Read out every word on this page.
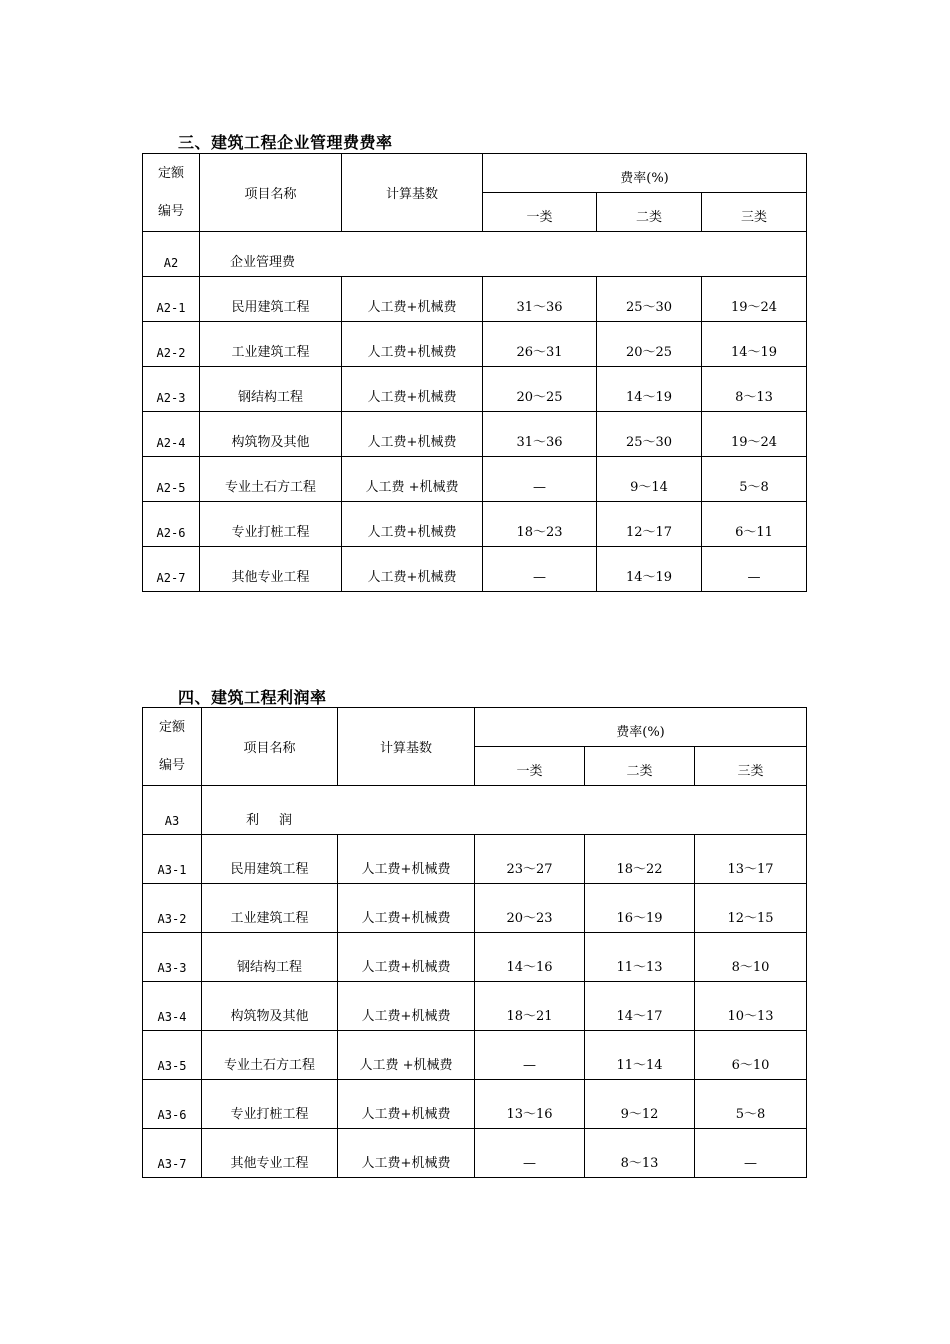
三、建筑工程企业管理费费率
定额
编号	项目名称	计算基数	费率(%)		
			一类	二类	三类
A2	企业管理费				
A2-1	民用建筑工程	人工费+机械费	31～36	25～30	19～24
A2-2	工业建筑工程	人工费+机械费	26～31	20～25	14～19
A2-3	钢结构工程	人工费+机械费	20～25	14～19	8～13
A2-4	构筑物及其他	人工费+机械费	31～36	25～30	19～24
A2-5	专业土石方工程	人工费 +机械费	—	9～14	5～8
A2-6	专业打桩工程	人工费+机械费	18～23	12～17	6～11
A2-7	其他专业工程	人工费+机械费	—	14～19	—
四、建筑工程利润率
定额
编号	项目名称	计算基数	费率(%)		
			一类	二类	三类
A3	利润				
A3-1	民用建筑工程	人工费+机械费	23～27	18～22	13～17
A3-2	工业建筑工程	人工费+机械费	20～23	16～19	12～15
A3-3	钢结构工程	人工费+机械费	14～16	11～13	8～10
A3-4	构筑物及其他	人工费+机械费	18～21	14～17	10～13
A3-5	专业土石方工程	人工费 +机械费	—	11～14	6～10
A3-6	专业打桩工程	人工费+机械费	13～16	9～12	5～8
A3-7	其他专业工程	人工费+机械费	—	8～13	—
